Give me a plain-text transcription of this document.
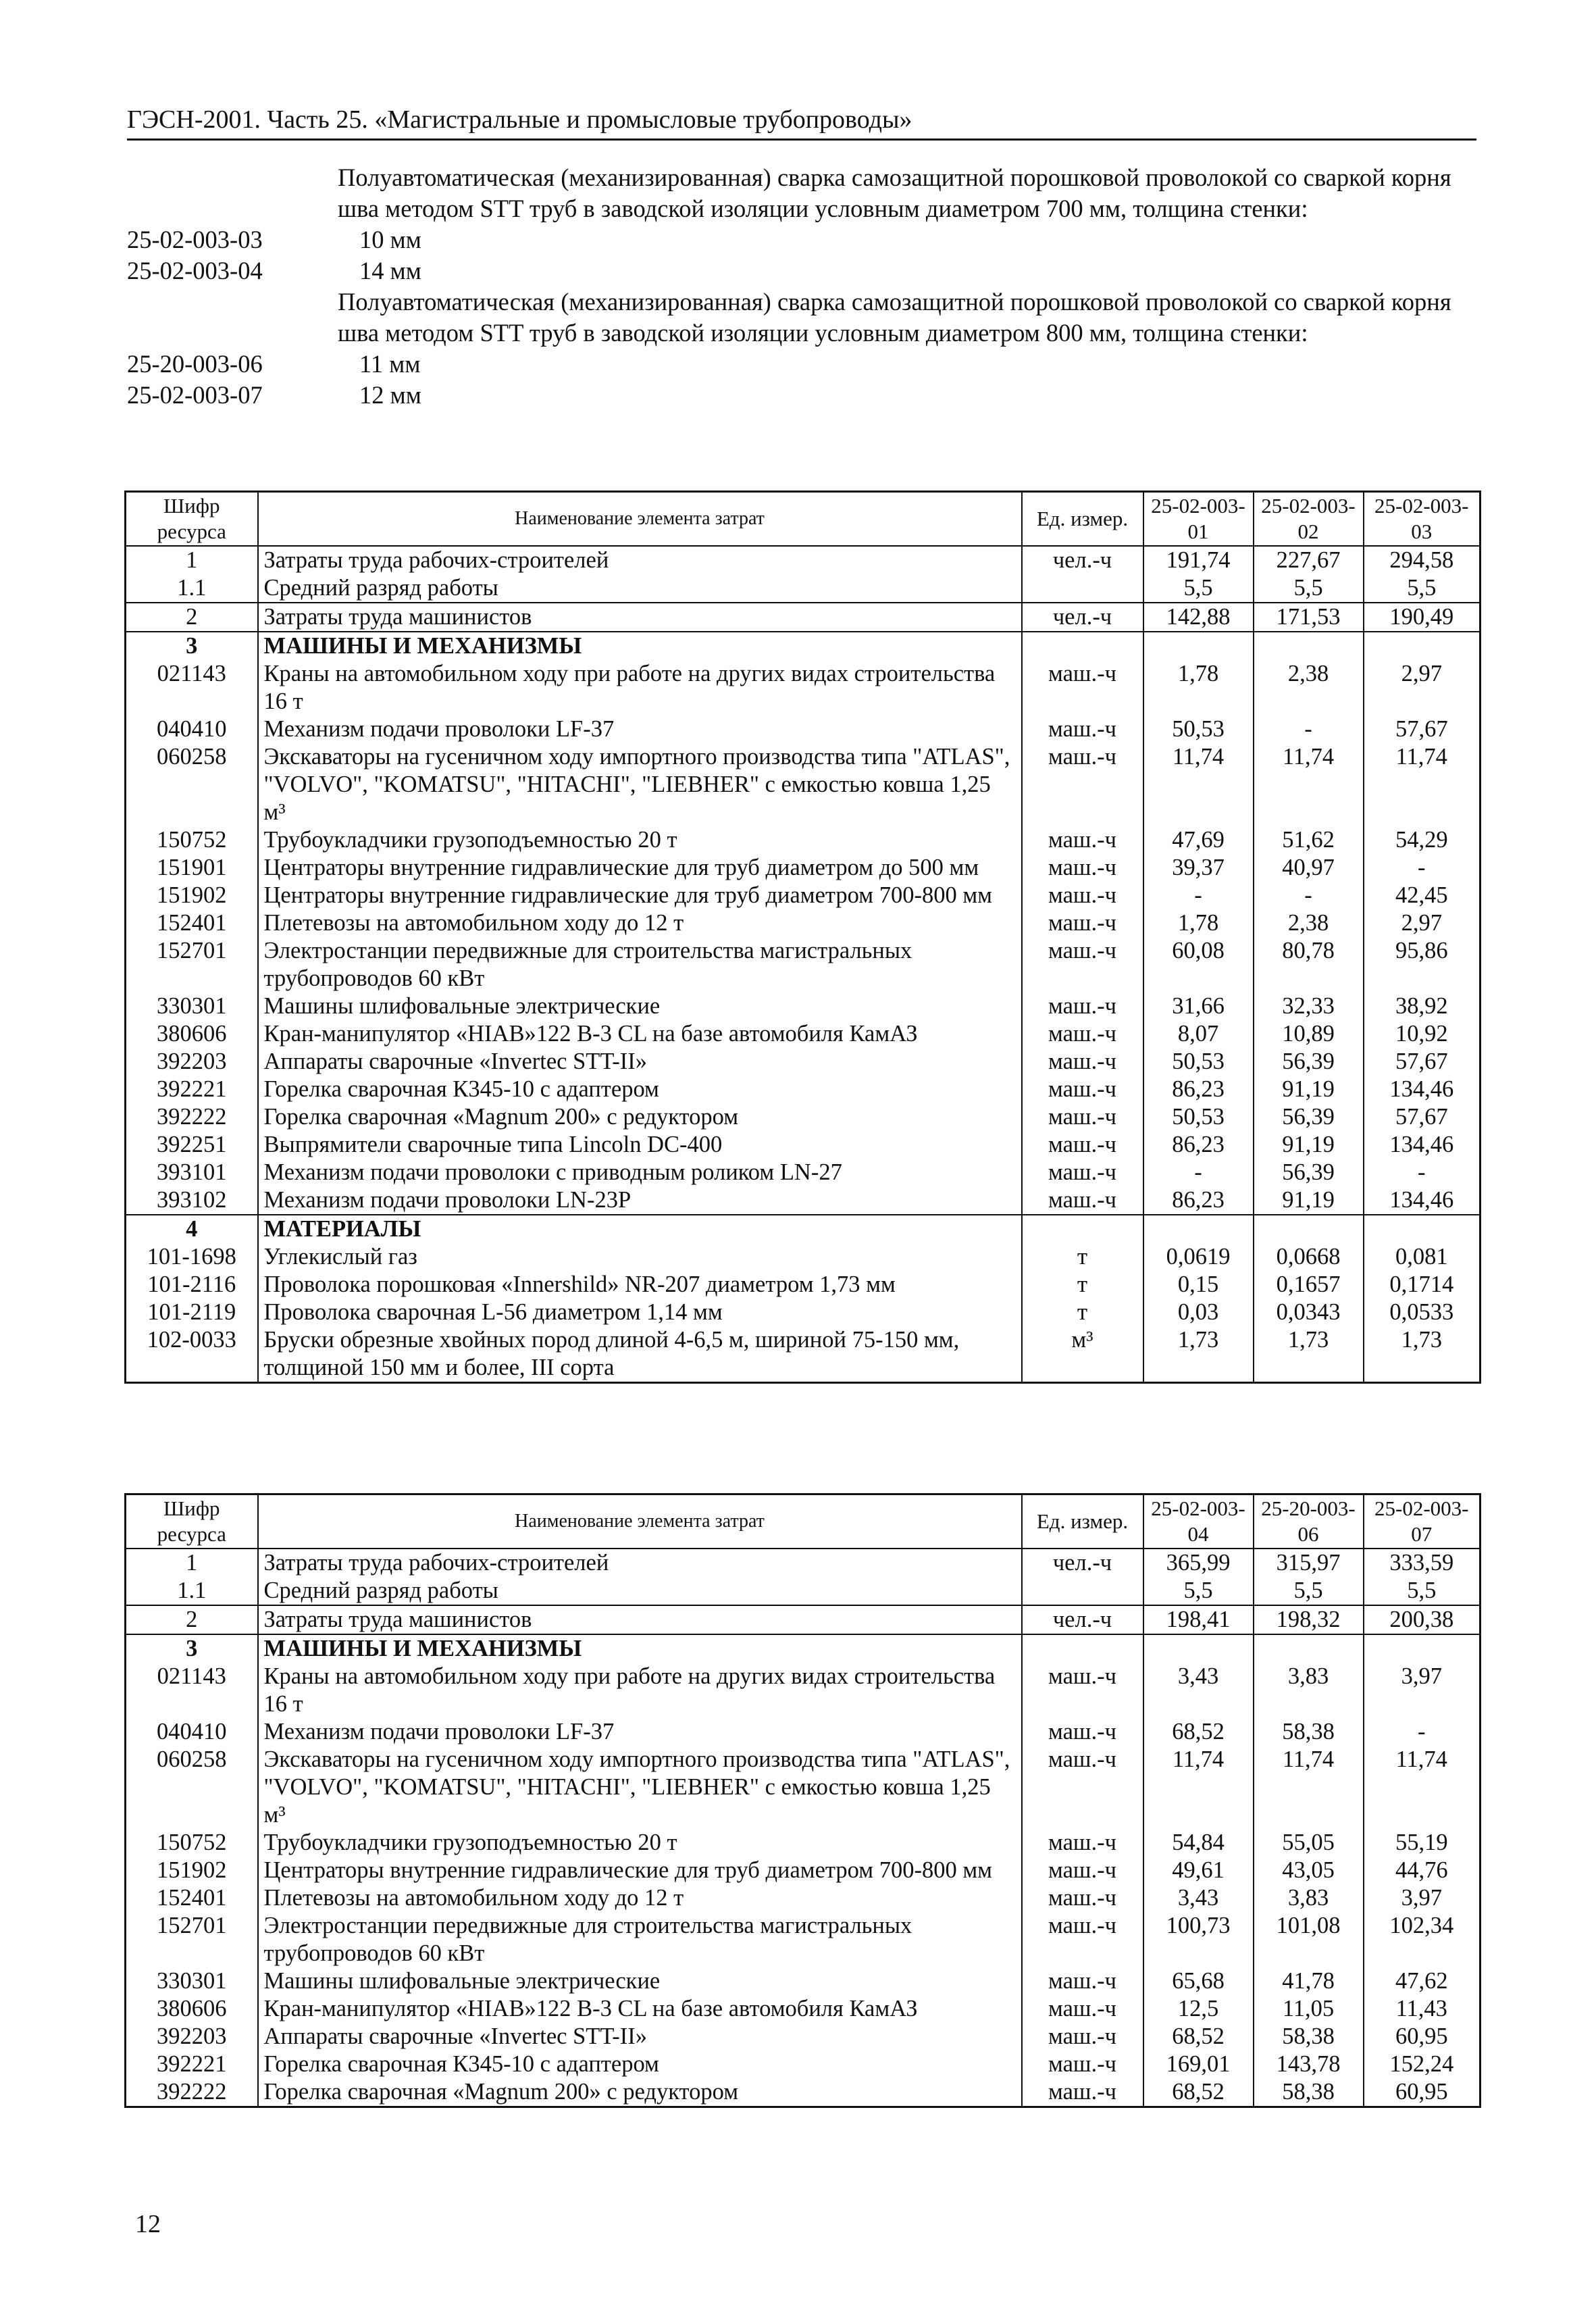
ГЭСН-2001. Часть 25. «Магистральные и промысловые трубопроводы»
Полуавтоматическая (механизированная) сварка самозащитной порошковой проволокой со сваркой корня шва методом STT труб в заводской изоляции условным диаметром 700 мм, толщина стенки:
25-02-003-03	10 мм
25-02-003-04	14 мм
Полуавтоматическая (механизированная) сварка самозащитной порошковой проволокой со сваркой корня шва методом STT труб в заводской изоляции условным диаметром 800 мм, толщина стенки:
25-20-003-06	11 мм
25-02-003-07	12 мм
Шифр ресурса	Наименование элемента затрат	Ед. измер.	25-02-003-01	25-02-003-02	25-02-003-03
1	Затраты труда рабочих-строителей	чел.-ч	191,74	227,67	294,58
1.1	Средний разряд работы		5,5	5,5	5,5
2	Затраты труда машинистов	чел.-ч	142,88	171,53	190,49
3	МАШИНЫ И МЕХАНИЗМЫ				
021143	Краны на автомобильном ходу при работе на других видах строительства 16 т	маш.-ч	1,78	2,38	2,97
040410	Механизм подачи проволоки LF-37	маш.-ч	50,53	-	57,67
060258	Экскаваторы на гусеничном ходу импортного производства типа "ATLAS", "VOLVO", "KOMATSU", "HITACHI", "LIEBHER" с емкостью ковша 1,25 м³	маш.-ч	11,74	11,74	11,74
150752	Трубоукладчики грузоподъемностью 20 т	маш.-ч	47,69	51,62	54,29
151901	Центраторы внутренние гидравлические для труб диаметром до 500 мм	маш.-ч	39,37	40,97	-
151902	Центраторы внутренние гидравлические для труб диаметром 700-800 мм	маш.-ч	-	-	42,45
152401	Плетевозы на автомобильном ходу до 12 т	маш.-ч	1,78	2,38	2,97
152701	Электростанции передвижные для строительства магистральных трубопроводов 60 кВт	маш.-ч	60,08	80,78	95,86
330301	Машины шлифовальные электрические	маш.-ч	31,66	32,33	38,92
380606	Кран-манипулятор «HIAB»122 B-3 CL на базе автомобиля КамАЗ	маш.-ч	8,07	10,89	10,92
392203	Аппараты сварочные «Invertec STT-II»	маш.-ч	50,53	56,39	57,67
392221	Горелка сварочная К345-10 с адаптером	маш.-ч	86,23	91,19	134,46
392222	Горелка сварочная «Magnum 200» с редуктором	маш.-ч	50,53	56,39	57,67
392251	Выпрямители сварочные типа Lincoln DC-400	маш.-ч	86,23	91,19	134,46
393101	Механизм подачи проволоки с приводным роликом LN-27	маш.-ч	-	56,39	-
393102	Механизм подачи проволоки LN-23P	маш.-ч	86,23	91,19	134,46
4	МАТЕРИАЛЫ				
101-1698	Углекислый газ	т	0,0619	0,0668	0,081
101-2116	Проволока порошковая «Innershild» NR-207 диаметром 1,73 мм	т	0,15	0,1657	0,1714
101-2119	Проволока сварочная L-56 диаметром 1,14 мм	т	0,03	0,0343	0,0533
102-0033	Бруски обрезные хвойных пород длиной 4-6,5 м, шириной 75-150 мм, толщиной 150 мм и более, III сорта	м³	1,73	1,73	1,73
Шифр ресурса	Наименование элемента затрат	Ед. измер.	25-02-003-04	25-20-003-06	25-02-003-07
1	Затраты труда рабочих-строителей	чел.-ч	365,99	315,97	333,59
1.1	Средний разряд работы		5,5	5,5	5,5
2	Затраты труда машинистов	чел.-ч	198,41	198,32	200,38
3	МАШИНЫ И МЕХАНИЗМЫ				
021143	Краны на автомобильном ходу при работе на других видах строительства 16 т	маш.-ч	3,43	3,83	3,97
040410	Механизм подачи проволоки LF-37	маш.-ч	68,52	58,38	-
060258	Экскаваторы на гусеничном ходу импортного производства типа "ATLAS", "VOLVO", "KOMATSU", "HITACHI", "LIEBHER" с емкостью ковша 1,25 м³	маш.-ч	11,74	11,74	11,74
150752	Трубоукладчики грузоподъемностью 20 т	маш.-ч	54,84	55,05	55,19
151902	Центраторы внутренние гидравлические для труб диаметром 700-800 мм	маш.-ч	49,61	43,05	44,76
152401	Плетевозы на автомобильном ходу до 12 т	маш.-ч	3,43	3,83	3,97
152701	Электростанции передвижные для строительства магистральных трубопроводов 60 кВт	маш.-ч	100,73	101,08	102,34
330301	Машины шлифовальные электрические	маш.-ч	65,68	41,78	47,62
380606	Кран-манипулятор «HIAB»122 B-3 CL на базе автомобиля КамАЗ	маш.-ч	12,5	11,05	11,43
392203	Аппараты сварочные «Invertec STT-II»	маш.-ч	68,52	58,38	60,95
392221	Горелка сварочная К345-10 с адаптером	маш.-ч	169,01	143,78	152,24
392222	Горелка сварочная «Magnum 200» с редуктором	маш.-ч	68,52	58,38	60,95
12
